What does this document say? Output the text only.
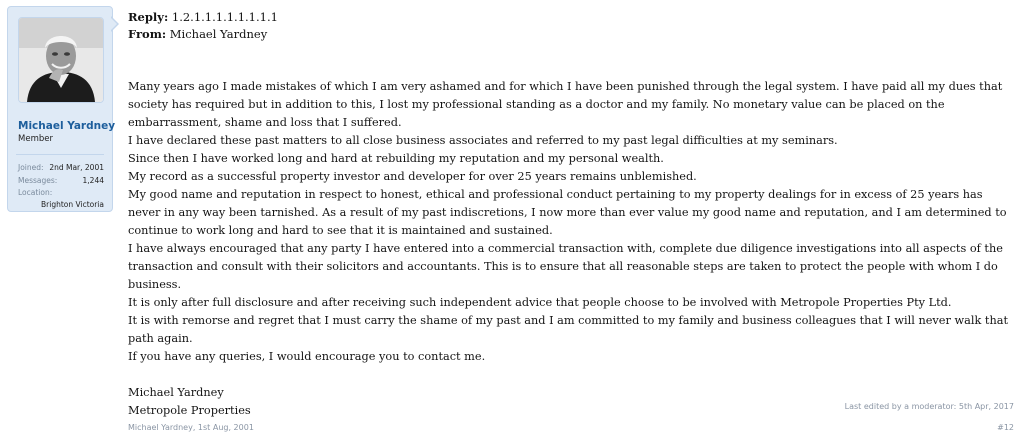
Michael Yardney
Member
Joined: 2nd Mar, 2001
Messages:	1,244
Location:
Brighton Victoria
Reply: 1.2.1.1.1.1.1.1.1.1
From: Michael Yardney

Many years ago I made mistakes of which I am very ashamed and for which I have been punished through the legal system. I have paid all my dues that society has required but in addition to this, I lost my professional standing as a doctor and my family. No monetary value can be placed on the embarrassment, shame and loss that I suffered.

I have declared these past matters to all close business associates and referred to my past legal difficulties at my seminars.

Since then I have worked long and hard at rebuilding my reputation and my personal wealth.

My record as a successful property investor and developer for over 25 years remains unblemished.

My good name and reputation in respect to honest, ethical and professional conduct pertaining to my property dealings for in excess of 25 years has never in any way been tarnished. As a result of my past indiscretions, I now more than ever value my good name and reputation, and I am determined to continue to work long and hard to see that it is maintained and sustained.

I have always encouraged that any party I have entered into a commercial transaction with, complete due diligence investigations into all aspects of the transaction and consult with their solicitors and accountants. This is to ensure that all reasonable steps are taken to protect the people with whom I do business.

It is only after full disclosure and after receiving such independent advice that people choose to be involved with Metropole Properties Pty Ltd.

It is with remorse and regret that I must carry the shame of my past and I am committed to my family and business colleagues that I will never walk that path again.

If you have any queries, I would encourage you to contact me.

Michael Yardney

Metropole Properties	Last edited by a moderator: 5th Apr, 2017
Michael Yardney, 1st Aug, 2001	#12
